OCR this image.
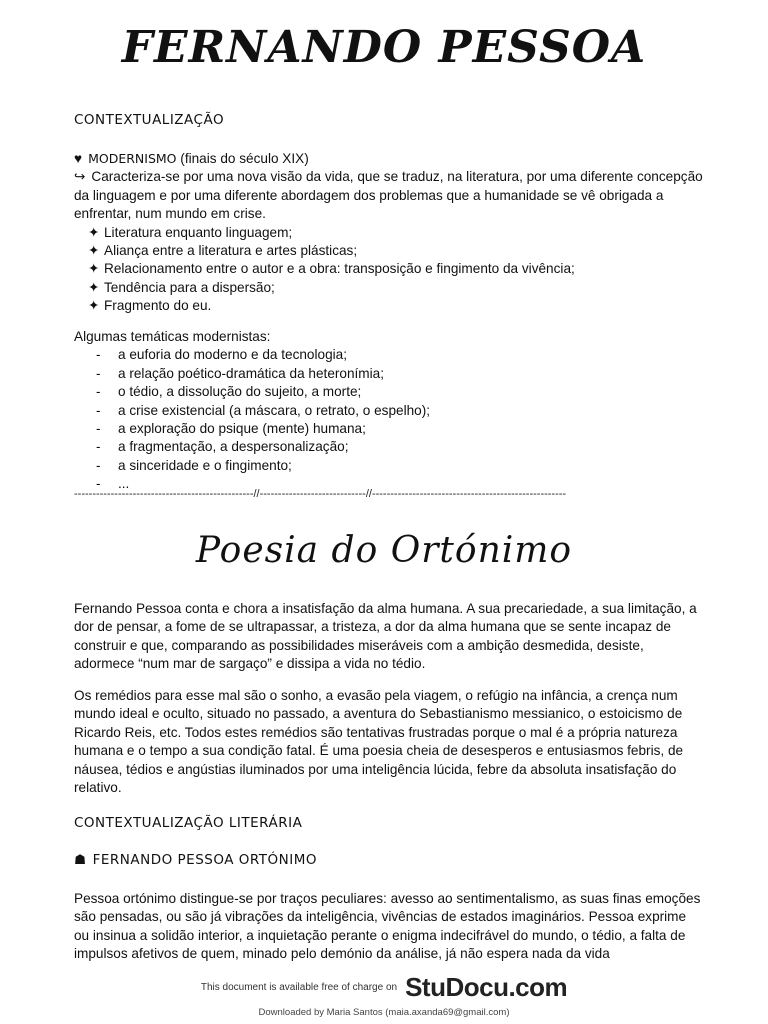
FERNANDO PESSOA
CONTEXTUALIZAÇÃO

♥ MODERNISMO (finais do século XIX)

↪ Caracteriza-se por uma nova visão da vida, que se traduz, na literatura, por uma diferente concepção da linguagem e por uma diferente abordagem dos problemas que a humanidade se vê obrigada a enfrentar, num mundo em crise.

✦ Literatura enquanto linguagem;
✦ Aliança entre a literatura e artes plásticas;
✦ Relacionamento entre o autor e a obra: transposição e fingimento da vivência;
✦ Tendência para a dispersão;
✦ Fragmento do eu.

Algumas temáticas modernistas:

-	a euforia do moderno e da tecnologia;
-	a relação poético-dramática da heteronímia;
-	o tédio, a dissolução do sujeito, a morte;
-	a crise existencial (a máscara, o retrato, o espelho);
-	a exploração do psique (mente) humana;
-	a fragmentação, a despersonalização;
-	a sinceridade e o fingimento;
-	...
-------------------------------------------------//-----------------------------//-----------------------------------------------------
Poesia do Ortónimo
Fernando Pessoa conta e chora a insatisfação da alma humana. A sua precariedade, a sua limitação, a dor de pensar, a fome de se ultrapassar, a tristeza, a dor da alma humana que se sente incapaz de construir e que, comparando as possibilidades miseráveis com a ambição desmedida, desiste, adormece “num mar de sargaço” e dissipa a vida no tédio.
Os remédios para esse mal são o sonho, a evasão pela viagem, o refúgio na infância, a crença num mundo ideal e oculto, situado no passado, a aventura do Sebastianismo messianico, o estoicismo de Ricardo Reis, etc. Todos estes remédios são tentativas frustradas porque o mal é a própria natureza humana e o tempo a sua condição fatal. É uma poesia cheia de desesperos e entusiasmos febris, de náusea, tédios e angústias iluminados por uma inteligência lúcida, febre da absoluta insatisfação do relativo.
CONTEXTUALIZAÇÃO LITERÁRIA
☗ FERNANDO PESSOA ORTÓNIMO
Pessoa ortónimo distingue-se por traços peculiares: avesso ao sentimentalismo, as suas finas emoções são pensadas, ou são já vibrações da inteligência, vivências de estados imaginários. Pessoa exprime ou insinua a solidão interior, a inquietação perante o enigma indecifrável do mundo, o tédio, a falta de impulsos afetivos de quem, minado pelo demónio da análise, já não espera nada da vida
This document is available free of charge on StuDocu.com
Downloaded by Maria Santos (maia.axanda69@gmail.com)
